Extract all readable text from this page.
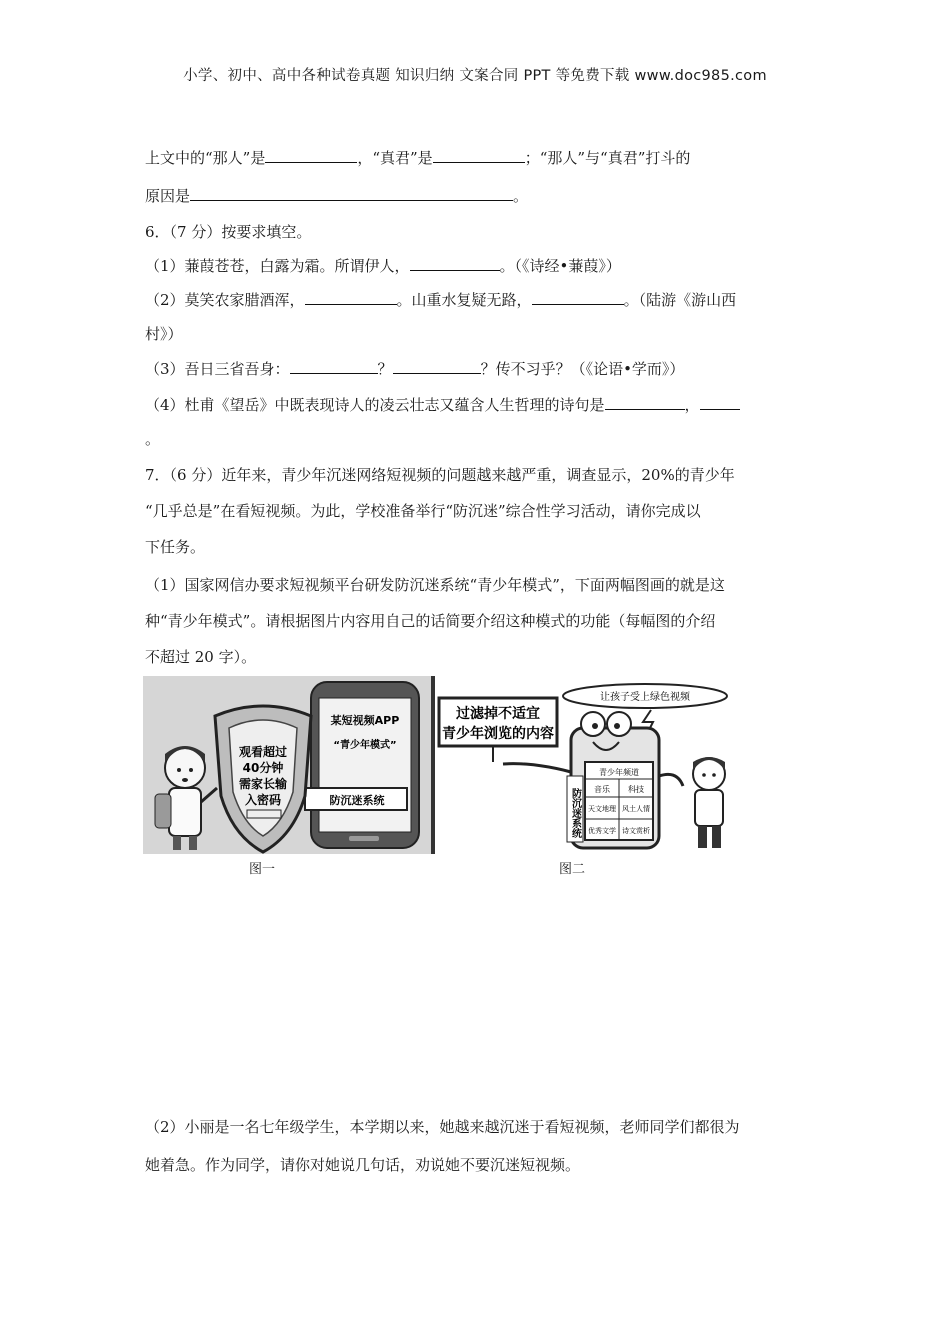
小学、初中、高中各种试卷真题 知识归纳 文案合同 PPT 等免费下载 www.doc985.com
上文中的“那人”是	，“真君”是	；“那人”与“真君”打斗的
原因是	。
6．（7 分）按要求填空。
（1）蒹葭苍苍，白露为霜。所谓伊人，	。（《诗经•蒹葭》）
（2）莫笑农家腊酒浑，	。山重水复疑无路，	。（陆游《游山西
村》）
（3）吾日三省吾身：	？	？传不习乎？（《论语•学而》）
（4）杜甫《望岳》中既表现诗人的凌云壮志又蕴含人生哲理的诗句是	，
。
7．（6 分）近年来，青少年沉迷网络短视频的问题越来越严重，调查显示，20%的青少年
“几乎总是”在看短视频。为此，学校准备举行“防沉迷”综合性学习活动，请你完成以
下任务。
（1）国家网信办要求短视频平台研发防沉迷系统“青少年模式”，下面两幅图画的就是这
种“青少年模式”。请根据图片内容用自己的话简要介绍这种模式的功能（每幅图的介绍
不超过 20 字）。
某短视频APP
“青少年模式”
防沉迷系统
观看超过
40分钟
需家长输
入密码
过滤掉不适宜
青少年浏览的内容
让孩子受上绿色视频
青少年频道
音乐 科技
天文地理 风土人情
优秀文学 诗文赏析
防沉迷系统
图一	图二
（2）小丽是一名七年级学生，本学期以来，她越来越沉迷于看短视频，老师同学们都很为
她着急。作为同学，请你对她说几句话，劝说她不要沉迷短视频。
